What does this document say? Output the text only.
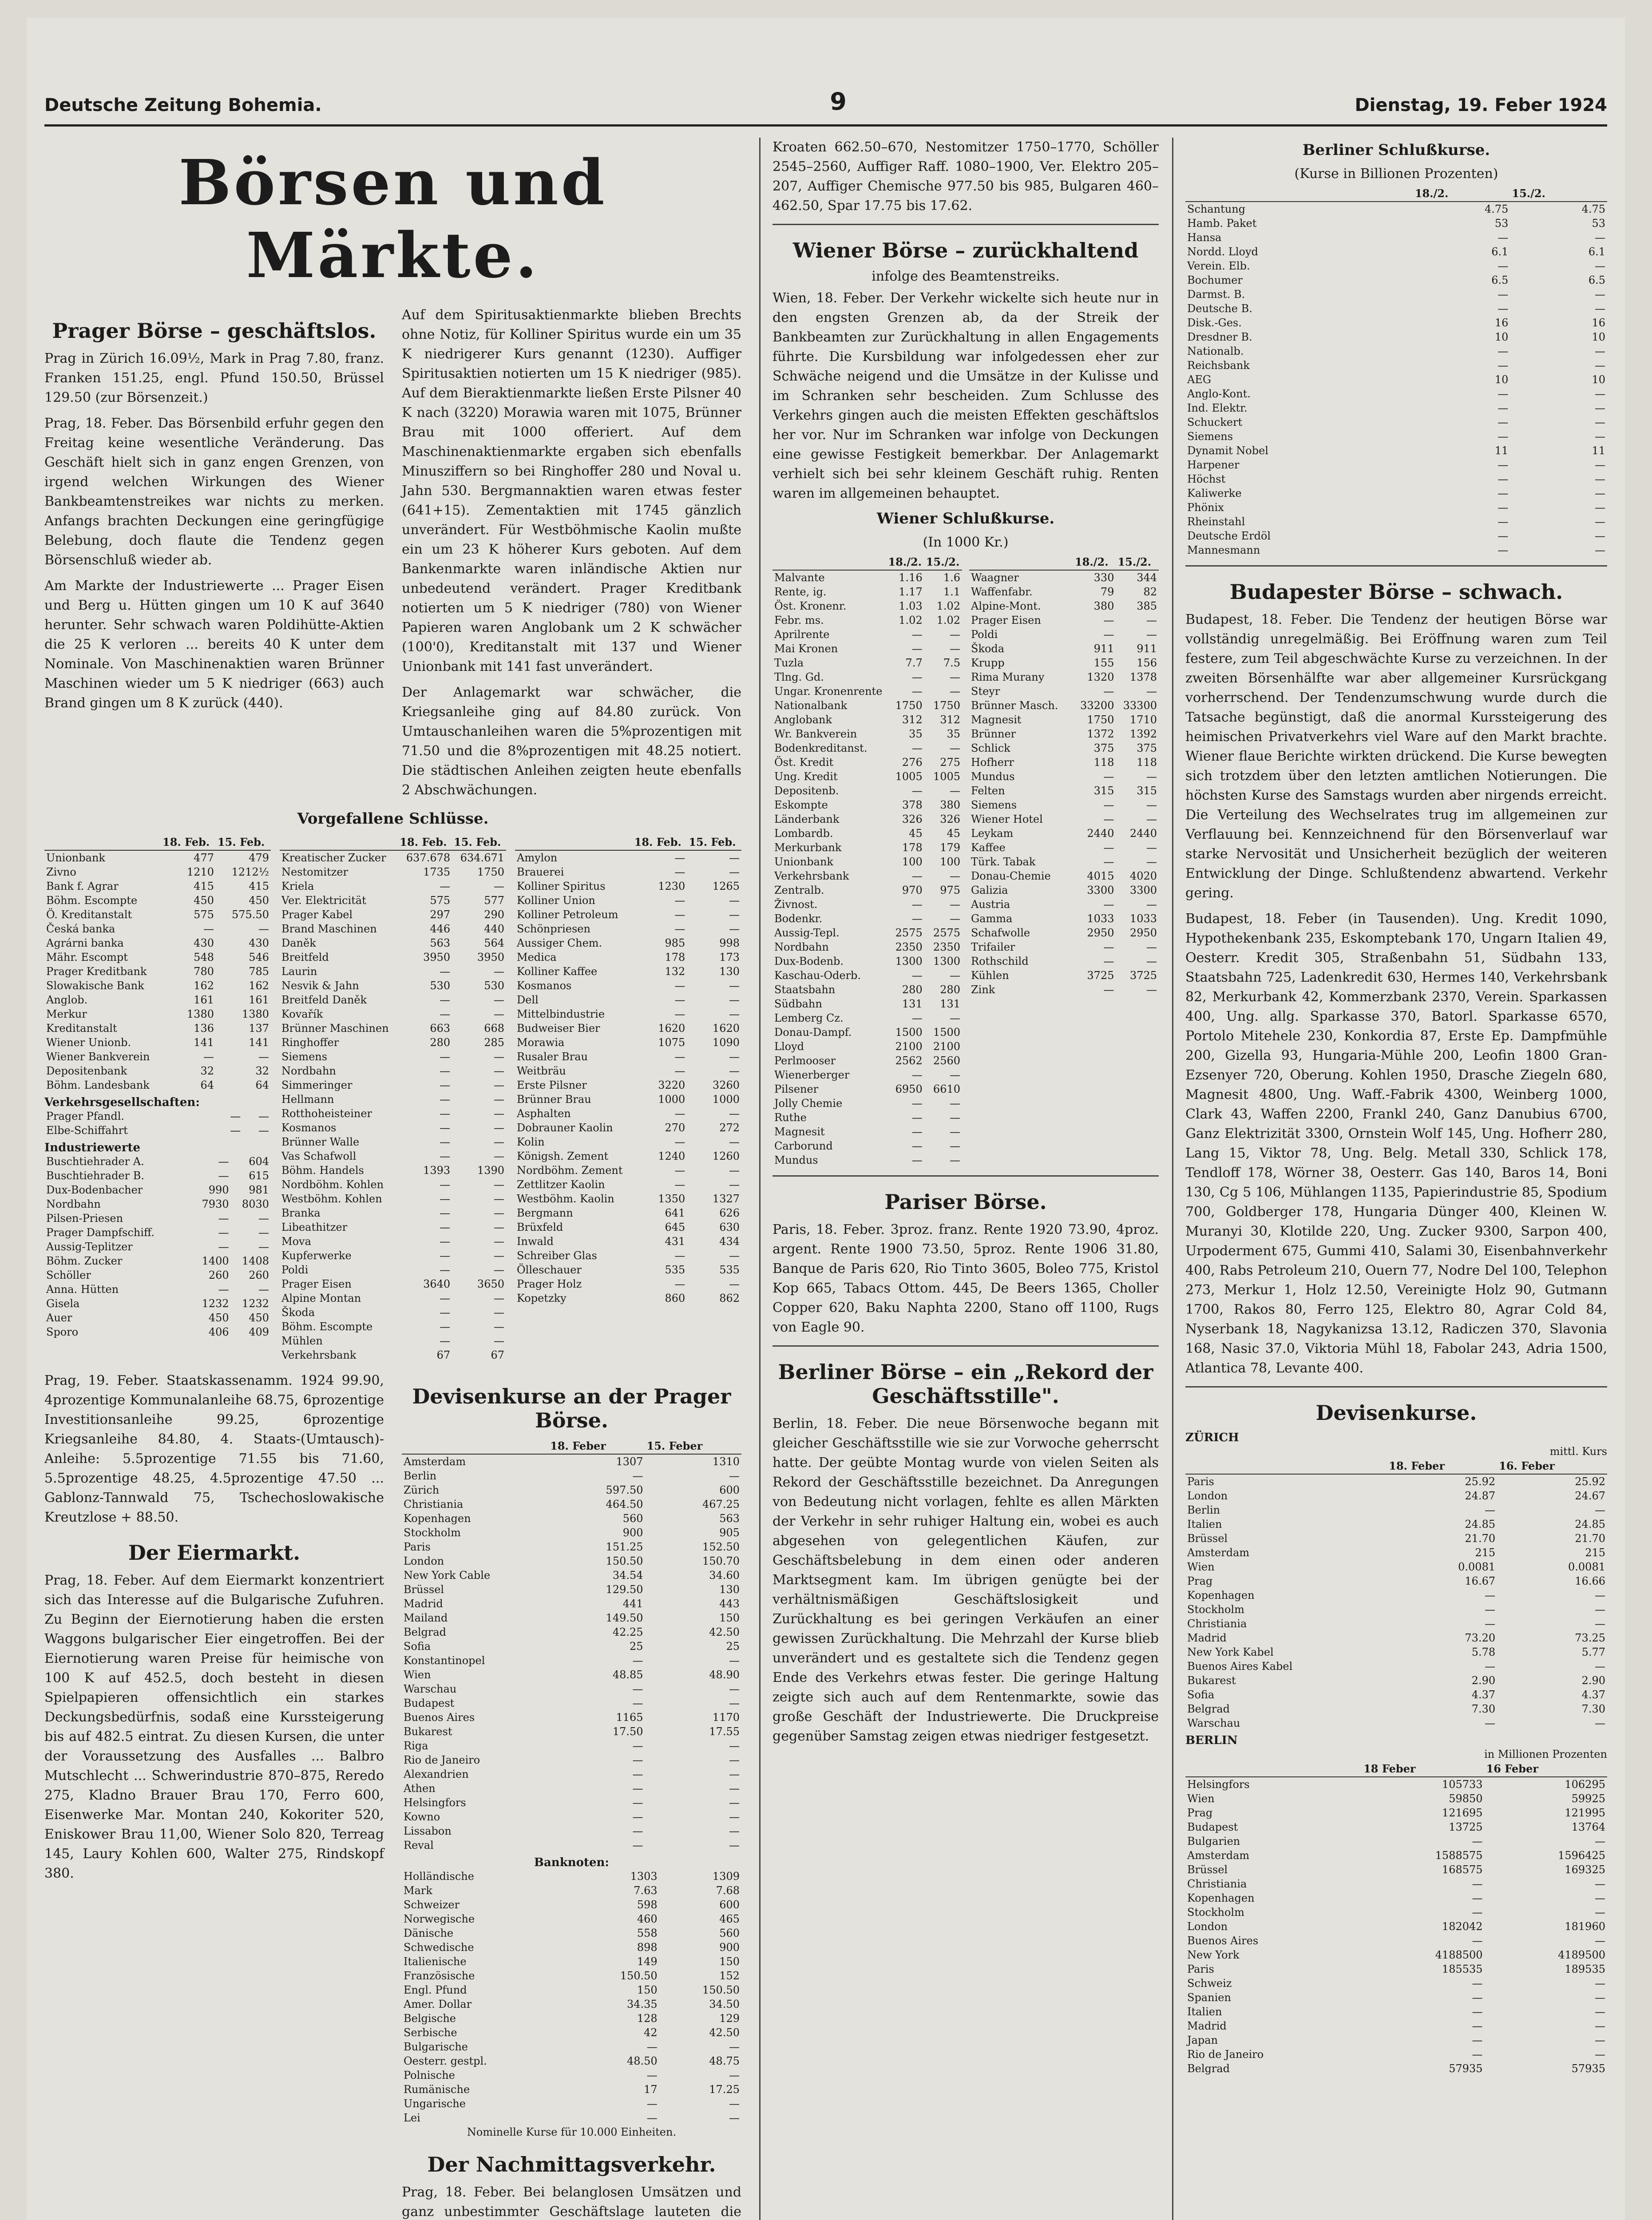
Deutsche Zeitung Bohemia.	9	Dienstag, 19. Feber 1924
Börsen und Märkte.
Prager Börse – geschäftslos.

Prag in Zürich 16.09½, Mark in Prag 7.80, franz. Franken 151.25, engl. Pfund 150.50, Brüssel 129.50 (zur Börsenzeit.)

Prag, 18. Feber. Das Börsenbild erfuhr gegen den Freitag keine wesentliche Veränderung. Das Geschäft hielt sich in ganz engen Grenzen, von irgend welchen Wirkungen des Wiener Bankbeamtenstreikes war nichts zu merken. Anfangs brachten Deckungen eine geringfügige Belebung, doch flaute die Tendenz gegen Börsenschluß wieder ab.

Am Markte der Industriewerte ... Prager Eisen und Berg u. Hütten gingen um 10 K auf 3640 herunter. Sehr schwach waren Poldihütte-Aktien die 25 K verloren ... bereits 40 K unter dem Nominale. Von Maschinenaktien waren Brünner Maschinen wieder um 5 K niedriger (663) auch Brand gingen um 8 K zurück (440).

Auf dem Spiritusaktienmarkte blieben Brechts ohne Notiz, für Kolliner Spiritus wurde ein um 35 K niedrigerer Kurs genannt (1230). Auffiger Spiritusaktien notierten um 15 K niedriger (985). Auf dem Bieraktienmarkte ließen Erste Pilsner 40 K nach (3220) Morawia waren mit 1075, Brünner Brau mit 1000 offeriert. Auf dem Maschinenaktienmarkte ergaben sich ebenfalls Minusziffern so bei Ringhoffer 280 und Noval u. Jahn 530. Bergmannaktien waren etwas fester (641+15). Zementaktien mit 1745 gänzlich unverändert. Für Westböhmische Kaolin mußte ein um 23 K höherer Kurs geboten. Auf dem Bankenmarkte waren inländische Aktien nur unbedeutend verändert. Prager Kreditbank notierten um 5 K niedriger (780) von Wiener Papieren waren Anglobank um 2 K schwächer (100'0), Kreditanstalt mit 137 und Wiener Unionbank mit 141 fast unverändert.

Der Anlagemarkt war schwächer, die Kriegsanleihe ging auf 84.80 zurück. Von Umtauschanleihen waren die 5%prozentigen mit 71.50 und die 8%prozentigen mit 48.25 notiert. Die städtischen Anleihen zeigten heute ebenfalls 2 Abschwächungen.

Vorgefallene Schlüsse.
	18. Feb.	15. Feb.
Unionbank	477	479
Zivno	1210	1212½
Bank f. Agrar	415	415
Böhm. Escompte	450	450
Ö. Kreditanstalt	575	575.50
Česká banka	—	—
Agrárni banka	430	430
Mähr. Escompt	548	546
Prager Kreditbank	780	785
Slowakische Bank	162	162
Anglob.	161	161
Merkur	1380	1380
Kreditanstalt	136	137
Wiener Unionb.	141	141
Wiener Bankverein	—	—
Depositenbank	32	32
Böhm. Landesbank	64	64
Verkehrsgesellschaften:
Prager Pfandl.	—	—
Elbe-Schiffahrt	—	—
Industriewerte
Buschtiehrader A.	—	604
Buschtiehrader B.	—	615
Dux-Bodenbacher	990	981
Nordbahn	7930	8030
Pilsen-Priesen	—	—
Prager Dampfschiff.	—	—
Aussig-Teplitzer	—	—
Böhm. Zucker	1400	1408
Schöller	260	260
Anna. Hütten	—	—
Gisela	1232	1232
Auer	450	450
Sporo	406	409
	18. Feb.	15. Feb.
Kreatischer Zucker	637.678	634.671
Nestomitzer	1735	1750
Kriela	—	—
Ver. Elektricität	575	577
Prager Kabel	297	290
Brand Maschinen	446	440
Daněk	563	564
Breitfeld	3950	3950
Laurin	—	—
Nesvik & Jahn	530	530
Breitfeld Daněk	—	—
Kovařík	—	—
Brünner Maschinen	663	668
Ringhoffer	280	285
Siemens	—	—
Nordbahn	—	—
Simmeringer	—	—
Hellmann	—	—
Rotthoheisteiner	—	—
Kosmanos	—	—
Brünner Walle	—	—
Vas Schafwoll	—	—
Böhm. Handels	1393	1390
Nordböhm. Kohlen	—	—
Westböhm. Kohlen	—	—
Branka	—	—
Libeathitzer	—	—
Mova	—	—
Kupferwerke	—	—
Poldi	—	—
Prager Eisen	3640	3650
Alpine Montan	—	—
Škoda	—	—
Böhm. Escompte	—	—
Mühlen	—	—
Verkehrsbank	67	67
	18. Feb.	15. Feb.
Amylon	—	—
Brauerei	—	—
Kolliner Spiritus	1230	1265
Kolliner Union	—	—
Kolliner Petroleum	—	—
Schönpriesen	—	—
Aussiger Chem.	985	998
Medica	178	173
Kolliner Kaffee	132	130
Kosmanos	—	—
Dell	—	—
Mittelbindustrie	—	—
Budweiser Bier	1620	1620
Morawia	1075	1090
Rusaler Brau	—	—
Weitbräu	—	—
Erste Pilsner	3220	3260
Brünner Brau	1000	1000
Asphalten	—	—
Dobrauner Kaolin	270	272
Kolin	—	—
Königsh. Zement	1240	1260
Nordböhm. Zement	—	—
Zettlitzer Kaolin	—	—
Westböhm. Kaolin	1350	1327
Bergmann	641	626
Brüxfeld	645	630
Inwald	431	434
Schreiber Glas	—	—
Ölleschauer	535	535
Prager Holz	—	—
Kopetzky	860	862

Prag, 19. Feber. Staatskassenamm. 1924 99.90, 4prozentige Kommunalanleihe 68.75, 6prozentige Investitionsanleihe 99.25, 6prozentige Kriegsanleihe 84.80, 4. Staats-(Umtausch)-Anleihe: 5.5prozentige 71.55 bis 71.60, 5.5prozentige 48.25, 4.5prozentige 47.50 ... Gablonz-Tannwald 75, Tschechoslowakische Kreutzlose + 88.50.

Der Eiermarkt.

Prag, 18. Feber. Auf dem Eiermarkt konzentriert sich das Interesse auf die Bulgarische Zufuhren. Zu Beginn der Eiernotierung haben die ersten Waggons bulgarischer Eier eingetroffen. Bei der Eiernotierung waren Preise für heimische von 100 K auf 452.5, doch besteht in diesen Spielpapieren offensichtlich ein starkes Deckungsbedürfnis, sodaß eine Kurssteigerung bis auf 482.5 eintrat. Zu diesen Kursen, die unter der Voraussetzung des Ausfalles ... Balbro Mutschlecht ... Schwerindustrie 870–875, Reredo 275, Kladno Brauer Brau 170, Ferro 600, Eisenwerke Mar. Montan 240, Kokoriter 520, Eniskower Brau 11,00, Wiener Solo 820, Terreag 145, Laury Kohlen 600, Walter 275, Rindskopf 380.

Devisenkurse an der Prager Börse.
	18. Feber	15. Feber
Amsterdam	1307	1310
Berlin	—	—
Zürich	597.50	600
Christiania	464.50	467.25
Kopenhagen	560	563
Stockholm	900	905
Paris	151.25	152.50
London	150.50	150.70
New York Cable	34.54	34.60
Brüssel	129.50	130
Madrid	441	443
Mailand	149.50	150
Belgrad	42.25	42.50
Sofia	25	25
Konstantinopel	—	—
Wien	48.85	48.90
Warschau	—	—
Budapest	—	—
Buenos Aires	1165	1170
Bukarest	17.50	17.55
Riga	—	—
Rio de Janeiro	—	—
Alexandrien	—	—
Athen	—	—
Helsingfors	—	—
Kowno	—	—
Lissabon	—	—
Reval	—	—
Banknoten:
Holländische	1303	1309
Mark	7.63	7.68
Schweizer	598	600
Norwegische	460	465
Dänische	558	560
Schwedische	898	900
Italienische	149	150
Französische	150.50	152
Engl. Pfund	150	150.50
Amer. Dollar	34.35	34.50
Belgische	128	129
Serbische	42	42.50
Bulgarische	—	—
Oesterr. gestpl.	48.50	48.75
Polnische	—	—
Rumänische	17	17.25
Ungarische	—	—
Lei	—	—
Nominelle Kurse für 10.000 Einheiten.
Der Nachmittagsverkehr.

Prag, 18. Feber. Bei belanglosen Umsätzen und ganz unbestimmter Geschäftslage lauteten die

Kroaten 662.50–670, Nestomitzer 1750–1770, Schöller 2545–2560, Auffiger Raff. 1080–1900, Ver. Elektro 205–207, Auffiger Chemische 977.50 bis 985, Bulgaren 460–462.50, Spar 17.75 bis 17.62.

Wiener Börse – zurückhaltend
infolge des Beamtenstreiks.

Wien, 18. Feber. Der Verkehr wickelte sich heute nur in den engsten Grenzen ab, da der Streik der Bankbeamten zur Zurückhaltung in allen Engagements führte. Die Kursbildung war infolgedessen eher zur Schwäche neigend und die Umsätze in der Kulisse und im Schranken sehr bescheiden. Zum Schlusse des Verkehrs gingen auch die meisten Effekten geschäftslos her vor. Nur im Schranken war infolge von Deckungen eine gewisse Festigkeit bemerkbar. Der Anlagemarkt verhielt sich bei sehr kleinem Geschäft ruhig. Renten waren im allgemeinen behauptet.

Wiener Schlußkurse.
(In 1000 Kr.)
	18./2.	15./2.
Malvante	1.16	1.6
Rente, ig.	1.17	1.1
Öst. Kronenr.	1.03	1.02
Febr. ms.	1.02	1.02
Aprilrente	—	—
Mai Kronen	—	—
Tuzla	7.7	7.5
Tlng. Gd.	—	—
Ungar. Kronenrente	—	—
Nationalbank	1750	1750
Anglobank	312	312
Wr. Bankverein	35	35
Bodenkreditanst.	—	—
Öst. Kredit	276	275
Ung. Kredit	1005	1005
Depositenb.	—	—
Eskompte	378	380
Länderbank	326	326
Lombardb.	45	45
Merkurbank	178	179
Unionbank	100	100
Verkehrsbank	—	—
Zentralb.	970	975
Živnost.	—	—
Bodenkr.	—	—
Aussig-Tepl.	2575	2575
Nordbahn	2350	2350
Dux-Bodenb.	1300	1300
Kaschau-Oderb.	—	—
Staatsbahn	280	280
Südbahn	131	131
Lemberg Cz.	—	—
Donau-Dampf.	1500	1500
Lloyd	2100	2100
Perlmooser	2562	2560
Wienerberger	—	—
Pilsener	6950	6610
Jolly Chemie	—	—
Ruthe	—	—
Magnesit	—	—
Carborund	—	—
Mundus	—	—
	18./2.	15./2.
Waagner	330	344
Waffenfabr.	79	82
Alpine-Mont.	380	385
Prager Eisen	—	—
Poldi	—	—
Škoda	911	911
Krupp	155	156
Rima Murany	1320	1378
Steyr	—	—
Brünner Masch.	33200	33300
Magnesit	1750	1710
Brünner	1372	1392
Schlick	375	375
Hofherr	118	118
Mundus	—	—
Felten	315	315
Siemens	—	—
Wiener Hotel	—	—
Leykam	2440	2440
Kaffee	—	—
Türk. Tabak	—	—
Donau-Chemie	4015	4020
Galizia	3300	3300
Austria	—	—
Gamma	1033	1033
Schafwolle	2950	2950
Trifailer	—	—
Rothschild	—	—
Kühlen	3725	3725
Zink	—	—
Pariser Börse.

Paris, 18. Feber. 3proz. franz. Rente 1920 73.90, 4proz. argent. Rente 1900 73.50, 5proz. Rente 1906 31.80, Banque de Paris 620, Rio Tinto 3605, Boleo 775, Kristol Kop 665, Tabacs Ottom. 445, De Beers 1365, Choller Copper 620, Baku Naphta 2200, Stano off 1100, Rugs von Eagle 90.

Berliner Börse – ein „Rekord der Geschäftsstille".

Berlin, 18. Feber. Die neue Börsenwoche begann mit gleicher Geschäftsstille wie sie zur Vorwoche geherrscht hatte. Der geübte Montag wurde von vielen Seiten als Rekord der Geschäftsstille bezeichnet. Da Anregungen von Bedeutung nicht vorlagen, fehlte es allen Märkten der Verkehr in sehr ruhiger Haltung ein, wobei es auch abgesehen von gelegentlichen Käufen, zur Geschäftsbelebung in dem einen oder anderen Marktsegment kam. Im übrigen genügte bei der verhältnismäßigen Geschäftslosigkeit und Zurückhaltung es bei geringen Verkäufen an einer gewissen Zurückhaltung. Die Mehrzahl der Kurse blieb unverändert und es gestaltete sich die Tendenz gegen Ende des Verkehrs etwas fester. Die geringe Haltung zeigte sich auch auf dem Rentenmarkte, sowie das große Geschäft der Industriewerte. Die Druckpreise gegenüber Samstag zeigen etwas niedriger festgesetzt.

Berliner Schlußkurse.
(Kurse in Billionen Prozenten)
	18./2.	15./2.
Schantung	4.75	4.75
Hamb. Paket	53	53
Hansa	—	—
Nordd. Lloyd	6.1	6.1
Verein. Elb.	—	—
Bochumer	6.5	6.5
Darmst. B.	—	—
Deutsche B.	—	—
Disk.-Ges.	16	16
Dresdner B.	10	10
Nationalb.	—	—
Reichsbank	—	—
AEG	10	10
Anglo-Kont.	—	—
Ind. Elektr.	—	—
Schuckert	—	—
Siemens	—	—
Dynamit Nobel	11	11
Harpener	—	—
Höchst	—	—
Kaliwerke	—	—
Phönix	—	—
Rheinstahl	—	—
Deutsche Erdöl	—	—
Mannesmann	—	—
Budapester Börse – schwach.

Budapest, 18. Feber. Die Tendenz der heutigen Börse war vollständig unregelmäßig. Bei Eröffnung waren zum Teil festere, zum Teil abgeschwächte Kurse zu verzeichnen. In der zweiten Börsenhälfte war aber allgemeiner Kursrückgang vorherrschend. Der Tendenzumschwung wurde durch die Tatsache begünstigt, daß die anormal Kurssteigerung des heimischen Privatverkehrs viel Ware auf den Markt brachte. Wiener flaue Berichte wirkten drückend. Die Kurse bewegten sich trotzdem über den letzten amtlichen Notierungen. Die höchsten Kurse des Samstags wurden aber nirgends erreicht. Die Verteilung des Wechselrates trug im allgemeinen zur Verflauung bei. Kennzeichnend für den Börsenverlauf war starke Nervosität und Unsicherheit bezüglich der weiteren Entwicklung der Dinge. Schlußtendenz abwartend. Verkehr gering.

Budapest, 18. Feber (in Tausenden). Ung. Kredit 1090, Hypothekenbank 235, Eskomptebank 170, Ungarn Italien 49, Oesterr. Kredit 305, Straßenbahn 51, Südbahn 133, Staatsbahn 725, Ladenkredit 630, Hermes 140, Verkehrsbank 82, Merkurbank 42, Kommerzbank 2370, Verein. Sparkassen 400, Ung. allg. Sparkasse 370, Batorl. Sparkasse 6570, Portolo Mitehele 230, Konkordia 87, Erste Ep. Dampfmühle 200, Gizella 93, Hungaria-Mühle 200, Leofin 1800 Gran-Ezsenyer 720, Oberung. Kohlen 1950, Drasche Ziegeln 680, Magnesit 4800, Ung. Waff.-Fabrik 4300, Weinberg 1000, Clark 43, Waffen 2200, Frankl 240, Ganz Danubius 6700, Ganz Elektrizität 3300, Ornstein Wolf 145, Ung. Hofherr 280, Lang 15, Viktor 78, Ung. Belg. Metall 330, Schlick 178, Tendloff 178, Wörner 38, Oesterr. Gas 140, Baros 14, Boni 130, Cg 5 106, Mühlangen 1135, Papierindustrie 85, Spodium 700, Goldberger 178, Hungaria Dünger 400, Kleinen W. Muranyi 30, Klotilde 220, Ung. Zucker 9300, Sarpon 400, Urpoderment 675, Gummi 410, Salami 30, Eisenbahnverkehr 400, Rabs Petroleum 210, Ouern 77, Nodre Del 100, Telephon 273, Merkur 1, Holz 12.50, Vereinigte Holz 90, Gutmann 1700, Rakos 80, Ferro 125, Elektro 80, Agrar Cold 84, Nyserbank 18, Nagykanizsa 13.12, Radiczen 370, Slavonia 168, Nasic 37.0, Viktoria Mühl 18, Fabolar 243, Adria 1500, Atlantica 78, Levante 400.

Devisenkurse.
ZÜRICH
mittl. Kurs
	18. Feber	16. Feber
Paris	25.92	25.92
London	24.87	24.67
Berlin	—	—
Italien	24.85	24.85
Brüssel	21.70	21.70
Amsterdam	215	215
Wien	0.0081	0.0081
Prag	16.67	16.66
Kopenhagen	—	—
Stockholm	—	—
Christiania	—	—
Madrid	73.20	73.25
New York Kabel	5.78	5.77
Buenos Aires Kabel	—	—
Bukarest	2.90	2.90
Sofia	4.37	4.37
Belgrad	7.30	7.30
Warschau	—	—
BERLIN
in Millionen Prozenten
	18 Feber	16 Feber
Helsingfors	105733	106295
Wien	59850	59925
Prag	121695	121995
Budapest	13725	13764
Bulgarien	—	—
Amsterdam	1588575	1596425
Brüssel	168575	169325
Christiania	—	—
Kopenhagen	—	—
Stockholm	—	—
London	182042	181960
Buenos Aires	—	—
New York	4188500	4189500
Paris	185535	189535
Schweiz	—	—
Spanien	—	—
Italien	—	—
Madrid	—	—
Japan	—	—
Rio de Janeiro	—	—
Belgrad	57935	57935
